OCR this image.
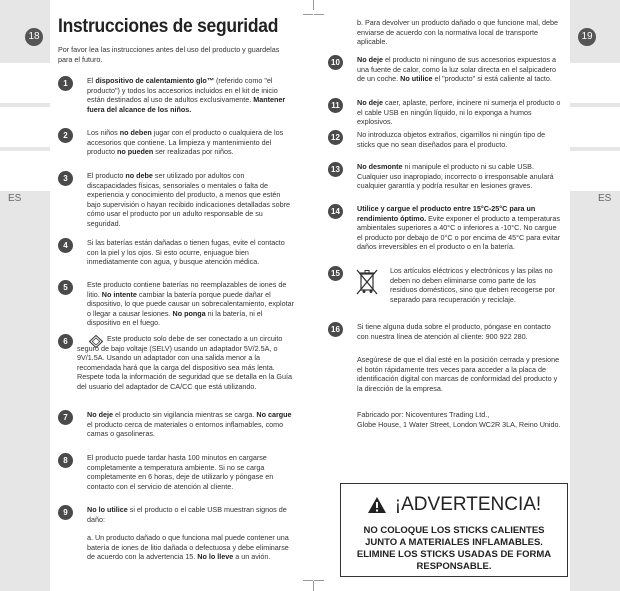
18
ES
19
ES
Instrucciones de seguridad
Por favor lea las instrucciones antes del uso del producto y guardelas para el futuro.
1	El dispositivo de calentamiento glo™ (referido como "el producto") y todos los accesorios incluidos en el kit de inicio están destinados al uso de adultos exclusivamente. Mantener fuera del alcance de los niños.
2	Los niños no deben jugar con el producto o cualquiera de los accesorios que contiene. La limpieza y mantenimiento del producto no pueden ser realizadas por niños.
3	El producto no debe ser utilizado por adultos con discapacidades físicas, sensoriales o mentales o falta de experiencia y conocimiento del producto, a menos que estén bajo supervisión o hayan recibido indicaciones detalladas sobre cómo usar el producto por un adulto responsable de su seguridad.
4	Si las baterías están dañadas o tienen fugas, evite el contacto con la piel y los ojos. Si esto ocurre, enjuague bien inmediatamente con agua, y busque atención médica.
5	Este producto contiene baterías no reemplazables de iones de litio. No intente cambiar la batería porque puede dañar el dispositivo, lo que puede causar un sobrecalentamiento, explotar o llegar a causar lesiones. No ponga ni la batería, ni el dispositivo en el fuego.
6	Este producto solo debe de ser conectado a un circuito seguro de bajo voltaje (SELV) usando un adaptador 5V/2.5A, o 9V/1.5A. Usando un adaptador con una salida menor a la recomendada hará que la carga del dispositivo sea más lenta. Respete toda la información de seguridad que se detalla en la Guía del usuario del adaptador de CA/CC que está utilizando.
7	No deje el producto sin vigilancia mientras se carga. No cargue el producto cerca de materiales o entornos inflamables, como camas o gasolineras.
8	El producto puede tardar hasta 100 minutos en cargarse completamente a temperatura ambiente. Si no se carga completamente en 6 horas, deje de utilizarlo y póngase en contacto con el servicio de atención al cliente.
9	No lo utilice si el producto o el cable USB muestran signos de daño:
a. Un producto dañado o que funciona mal puede contener una batería de iones de litio dañada o defectuosa y debe eliminarse de acuerdo con la advertencia 15. No lo lleve a un avión.
b. Para devolver un producto dañado o que funcione mal, debe enviarse de acuerdo con la normativa local de transporte aplicable.
10	No deje el producto ni ninguno de sus accesorios expuestos a una fuente de calor, como la luz solar directa en el salpicadero de un coche. No utilice el "producto" si está caliente al tacto.
11	No deje caer, aplaste, perfore, incinere ni sumerja el producto o el cable USB en ningún líquido, ni lo exponga a humos explosivos.
12	No introduzca objetos extraños, cigarrillos ni ningún tipo de sticks que no sean diseñados para el producto.
13	No desmonte ni manipule el producto ni su cable USB. Cualquier uso inapropiado, incorrecto o irresponsable anulará cualquier garantía y podría resultar en lesiones graves.
14	Utilice y cargue el producto entre 15°C-25°C para un rendimiento óptimo. Evite exponer el producto a temperaturas ambientales superiores a 40°C o inferiores a -10°C. No cargue el producto por debajo de 0°C o por encima de 45°C para evitar daños irreversibles en el producto o en la batería.
15	Los artículos eléctricos y electrónicos y las pilas no deben no deben eliminarse como parte de los residuos domésticos, sino que deben recogerse por separado para recuperación y reciclaje.
16	Si tiene alguna duda sobre el producto, póngase en contacto con nuestra línea de atención al cliente: 900 922 280.
Asegúrese de que el dial esté en la posición cerrada y presione el botón rápidamente tres veces para acceder a la placa de identificación digital con marcas de conformidad del producto y la dirección de la empresa.
Fabricado por: Nicoventures Trading Ltd.,
Globe House, 1 Water Street, London WC2R 3LA, Reino Unido.
¡ADVERTENCIA!
NO COLOQUE LOS STICKS CALIENTES
JUNTO A MATERIALES INFLAMABLES.
ELIMINE LOS STICKS USADAS DE FORMA
RESPONSABLE.
